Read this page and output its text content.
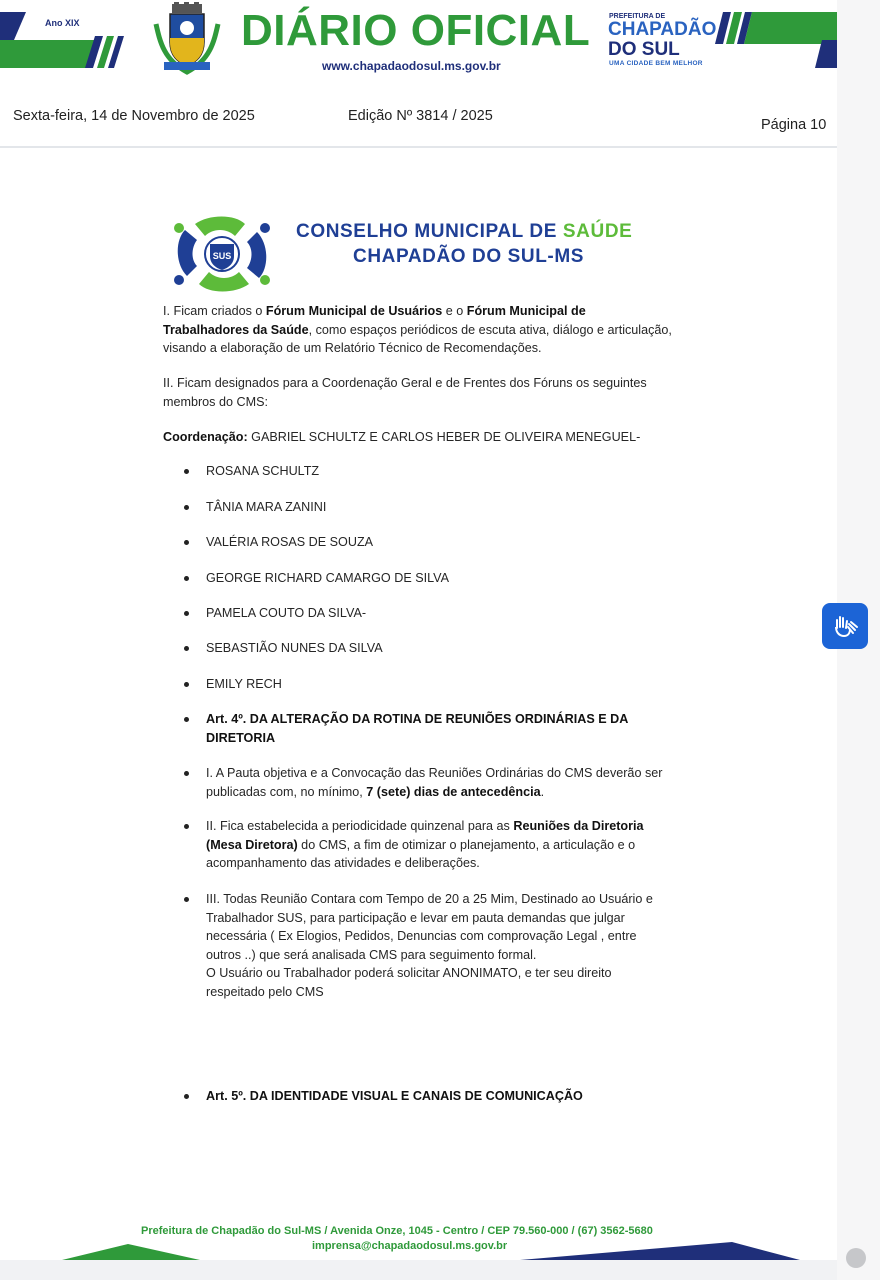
Ano XIX	DIÁRIO OFICIAL
www.chapadaodosul.ms.gov.br
PREFEITURA DE
CHAPADÃO
DO SUL
UMA CIDADE BEM MELHOR
Sexta-feira, 14 de Novembro de 2025	Edição Nº 3814 / 2025
Página 10
SUS
CONSELHO MUNICIPAL DE SAÚDE
CHAPADÃO DO SUL-MS
I. Ficam criados o Fórum Municipal de Usuários e o Fórum Municipal de
Trabalhadores da Saúde, como espaços periódicos de escuta ativa, diálogo e articulação,
visando a elaboração de um Relatório Técnico de Recomendações.
II. Ficam designados para a Coordenação Geral e de Frentes dos Fóruns os seguintes
membros do CMS:
Coordenação: GABRIEL SCHULTZ E CARLOS HEBER DE OLIVEIRA MENEGUEL-
ROSANA SCHULTZ
TÂNIA MARA ZANINI
VALÉRIA ROSAS DE SOUZA
GEORGE RICHARD CAMARGO DE SILVA
PAMELA COUTO DA SILVA-
SEBASTIÃO NUNES DA SILVA
EMILY RECH
Art. 4º. DA ALTERAÇÃO DA ROTINA DE REUNIÕES ORDINÁRIAS E DA
DIRETORIA
I. A Pauta objetiva e a Convocação das Reuniões Ordinárias do CMS deverão ser
publicadas com, no mínimo, 7 (sete) dias de antecedência.
II. Fica estabelecida a periodicidade quinzenal para as Reuniões da Diretoria
(Mesa Diretora) do CMS, a fim de otimizar o planejamento, a articulação e o
acompanhamento das atividades e deliberações.
III. Todas Reunião Contara com Tempo de 20 a 25 Mim, Destinado ao Usuário e
Trabalhador SUS, para participação e levar em pauta demandas que julgar
necessária ( Ex Elogios, Pedidos, Denuncias com comprovação Legal , entre
outros ..) que será analisada CMS para seguimento formal.
O Usuário ou Trabalhador poderá solicitar ANONIMATO, e ter seu direito
respeitado pelo CMS
Art. 5º. DA IDENTIDADE VISUAL E CANAIS DE COMUNICAÇÃO
Prefeitura de Chapadão do Sul-MS / Avenida Onze, 1045 - Centro / CEP 79.560-000 / (67) 3562-5680
imprensa@chapadaodosul.ms.gov.br
